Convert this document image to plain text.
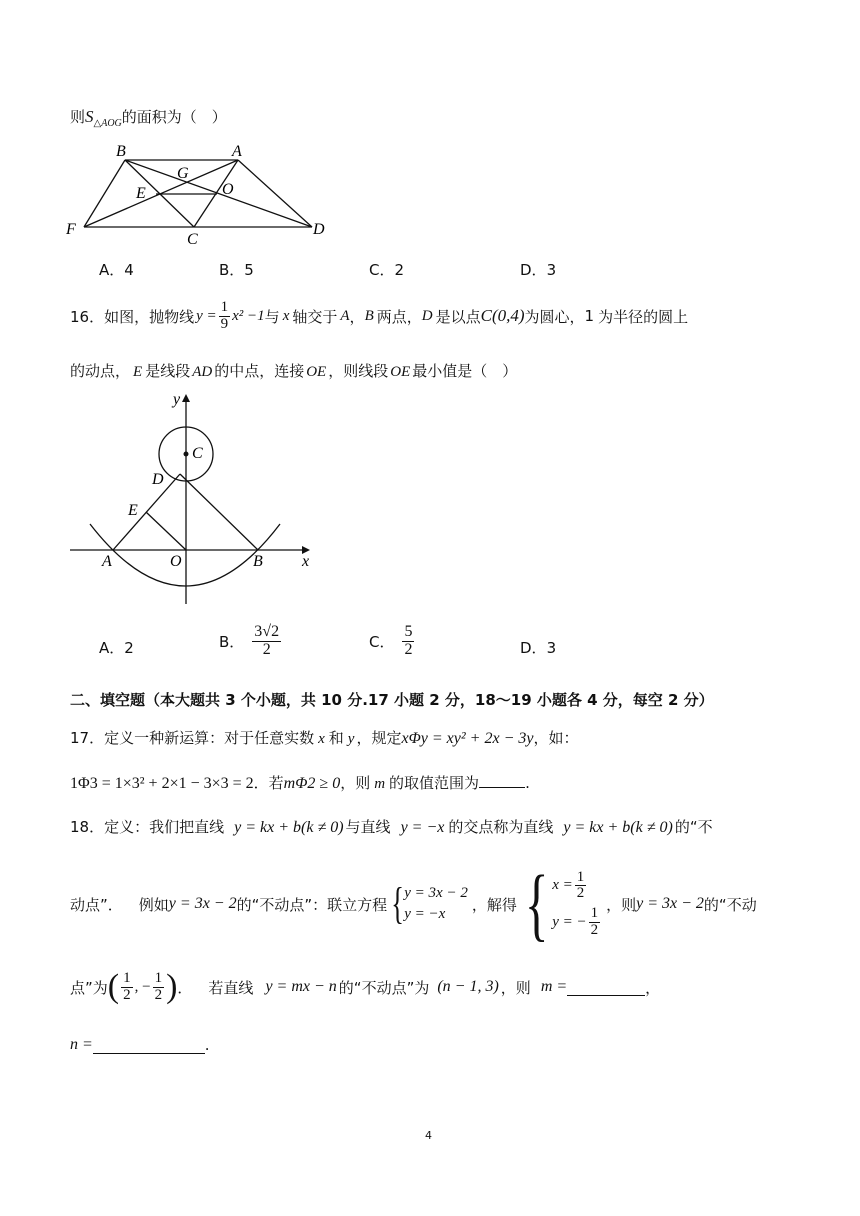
则$S_{\triangle AOG}$的面积为（　）
B	A
G
E	O
F
C
D
A．4	B．5	C．2	D．3
16． 如图，抛物线 $y = \frac{1}{9} x^2 -1$ 与 x 轴交于 A ， B 两点， D 是以点 C(0,4) 为圆心， 1 为半径的圆上
的动点， E 是线段 AD 的中点，连接 OE ，则线段 OE 最小值是（　）
y
C
D
E
A	O	B x
A．2	B． $\frac{3√2}{2}$	C． $\frac{5}{2}$	D．3
二、填空题（本大题共 3 个小题，共 10 分.17 小题 2 分，18～19 小题各 4 分，每空 2 分）
17．定义一种新运算：对于任意实数 x 和 y ，规定xΦy = xy² + 2x − 3y，如：
1Φ3 = 1×3² + 2×1 − 3×3 = 2．若mΦ2 ≥ 0，则 m 的取值范围为	.
18．定义：我们把直线 y = kx + b(k ≠ 0) 与直线 y = −x 的交点称为直线 y = kx + b(k ≠ 0) 的“不
动点”． 例如 y = 3x − 2 的“不动点”：联立方程 { y = 3x − 2
y = −x
，解得 { $x = \frac{1}{2}$
y = − $\frac{1}{2}$
，则 y = 3x − 2 的“不动
点”为 ( $\frac{1}{2}$ , − $\frac{1}{2}$ ) ． 若直线 y = mx − n 的“不动点”为 (n − 1, 3) ，则 m =	，
n =	.
4
